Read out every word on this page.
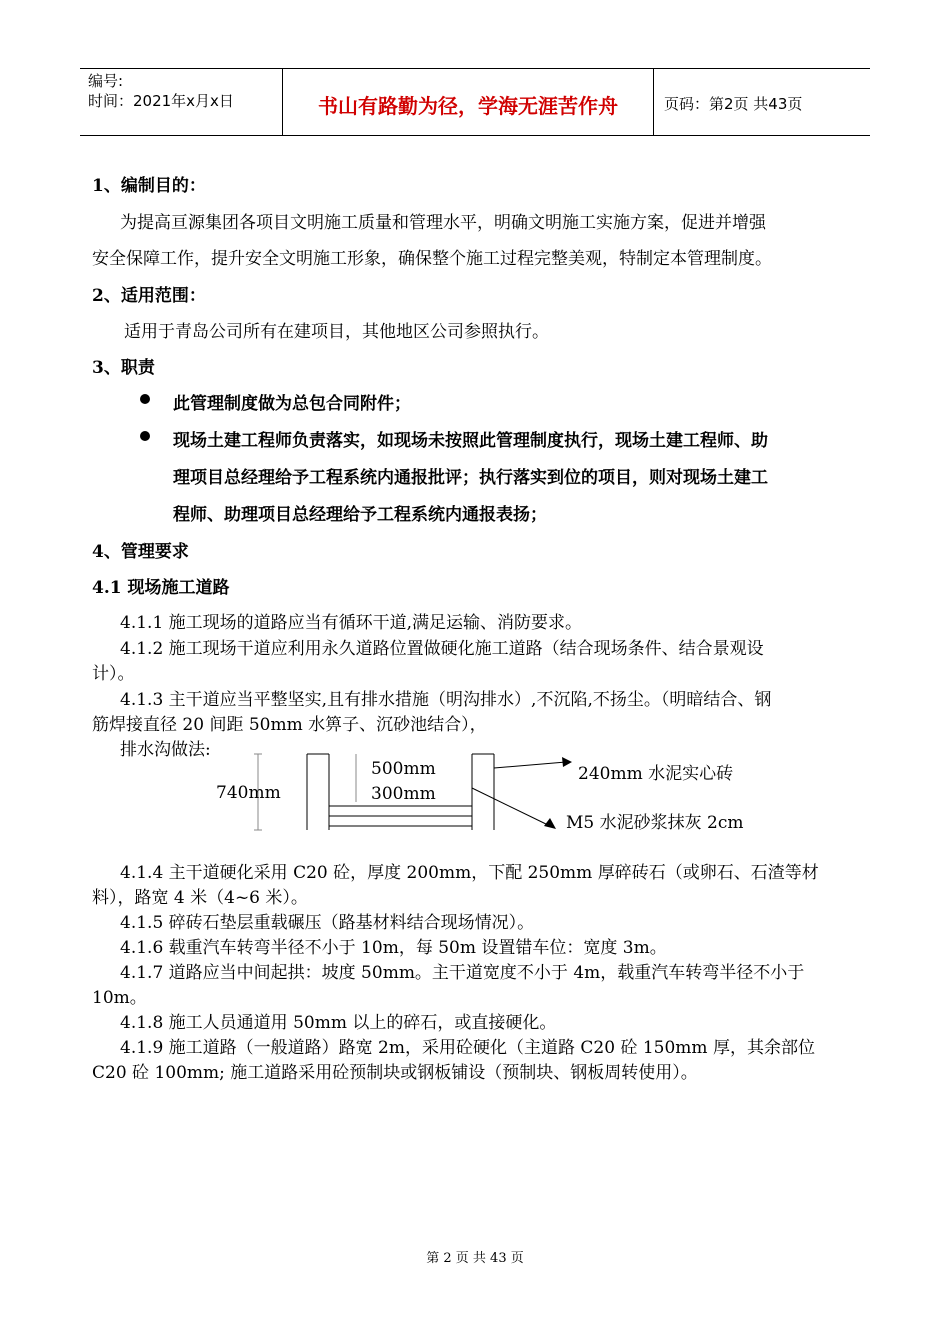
编号:
时间：2021年x月x日	书山有路勤为径，学海无涯苦作舟	页码：第2页 共43页
1、编制目的：
为提高亘源集团各项目文明施工质量和管理水平，明确文明施工实施方案，促进并增强
安全保障工作，提升安全文明施工形象，确保整个施工过程完整美观，特制定本管理制度。
2、适用范围：
适用于青岛公司所有在建项目，其他地区公司参照执行。
3、职责
此管理制度做为总包合同附件；
现场土建工程师负责落实，如现场未按照此管理制度执行，现场土建工程师、助
理项目总经理给予工程系统内通报批评；执行落实到位的项目，则对现场土建工
程师、助理项目总经理给予工程系统内通报表扬；
4、管理要求
4.1 现场施工道路
4.1.1 施工现场的道路应当有循环干道,满足运输、消防要求。
4.1.2 施工现场干道应利用永久道路位置做硬化施工道路（结合现场条件、结合景观设
计）。
4.1.3 主干道应当平整坚实,且有排水措施（明沟排水）,不沉陷,不扬尘。（明暗结合、钢
筋焊接直径 20 间距 50mm 水箅子、沉砂池结合），
排水沟做法:
740mm
500mm
300mm
240mm 水泥实心砖
M5 水泥砂浆抹灰 2cm
4.1.4 主干道硬化采用 C20 砼，厚度 200mm，下配 250mm 厚碎砖石（或卵石、石渣等材
料），路宽 4 米（4~6 米）。
4.1.5 碎砖石垫层重载碾压（路基材料结合现场情况）。
4.1.6 载重汽车转弯半径不小于 10m，每 50m 设置错车位：宽度 3m。
4.1.7 道路应当中间起拱：坡度 50mm。主干道宽度不小于 4m，载重汽车转弯半径不小于
10m。
4.1.8 施工人员通道用 50mm 以上的碎石，或直接硬化。
4.1.9 施工道路（一般道路）路宽 2m，采用砼硬化（主道路 C20 砼 150mm 厚，其余部位
C20 砼 100mm; 施工道路采用砼预制块或钢板铺设（预制块、钢板周转使用）。
第 2 页 共 43 页
